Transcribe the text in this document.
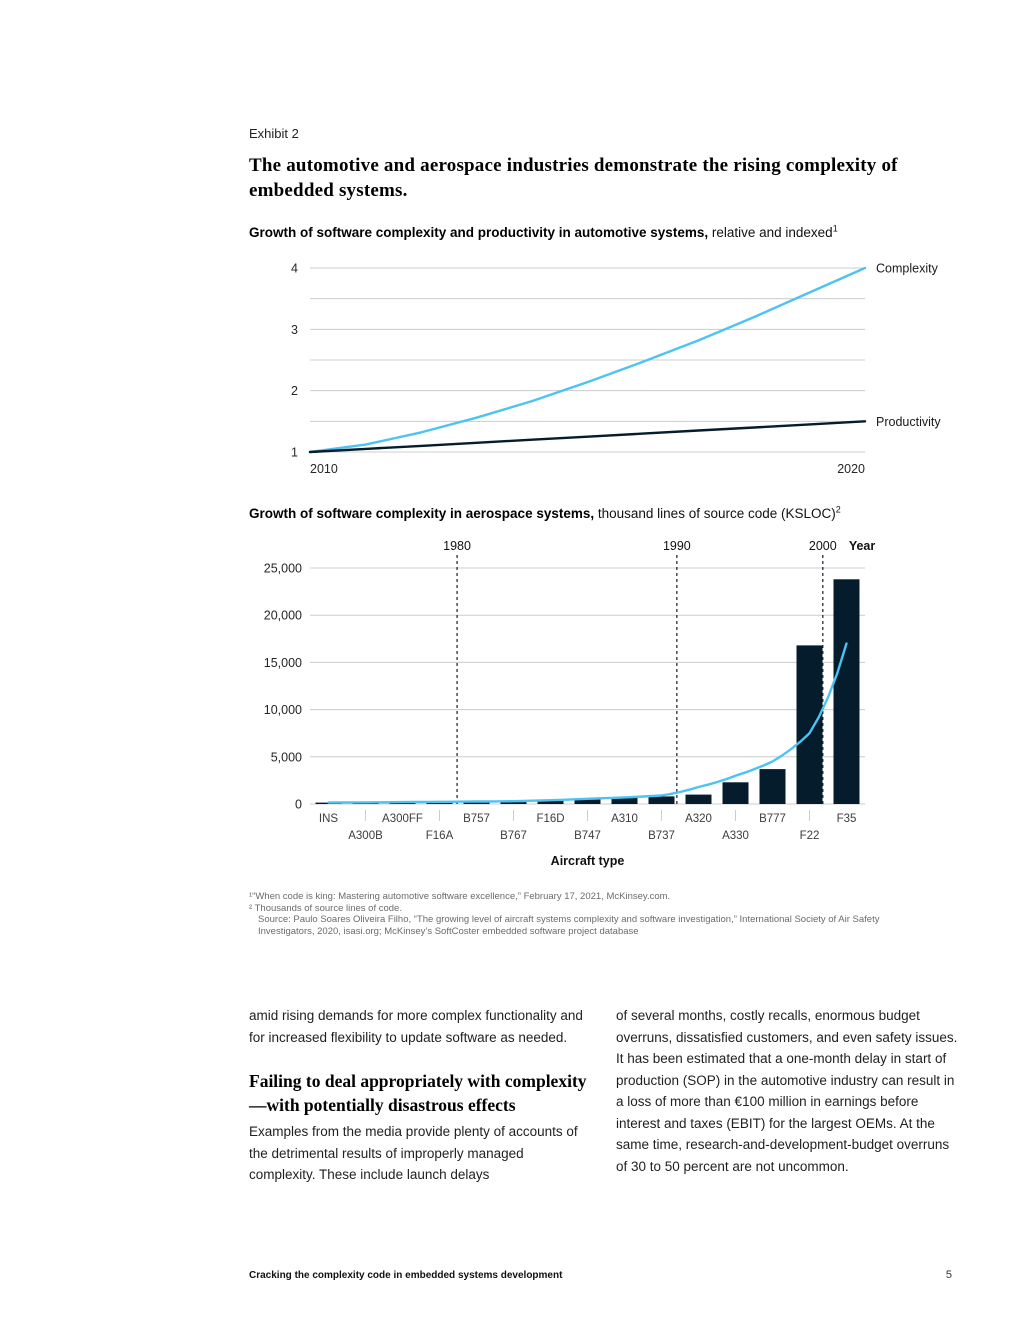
Exhibit 2
The automotive and aerospace industries demonstrate the rising complexity of embedded systems.

Growth of software complexity and productivity in automotive systems, relative and indexed$^1$

1
2
3
4
2010	2020
Complexity
Productivity

Growth of software complexity in aerospace systems, thousand lines of source code (KSLOC)$^2$

0
5,000
10,000
15,000
20,000
25,000
1980	1990	2000 Year
INS
A300B
A300FF
F16A
B757
B767
F16D
B747
A310
B737
A320
A330
B777
F22
F35
Aircraft type
¹“When code is king: Mastering automotive software excellence,” February 17, 2021, McKinsey.com.
² Thousands of source lines of code.
Source: Paulo Soares Oliveira Filho, “The growing level of aircraft systems complexity and software investigation,” International Society of Air Safety
Investigators, 2020, isasi.org; McKinsey’s SoftCoster embedded software project database

amid rising demands for more complex functionality and for increased flexibility to update software as needed.

Failing to deal appropriately with complexity—with potentially disastrous effects

Examples from the media provide plenty of accounts of the detrimental results of improperly managed complexity. These include launch delays

of several months, costly recalls, enormous budget overruns, dissatisfied customers, and even safety issues. It has been estimated that a one-month delay in start of production (SOP) in the automotive industry can result in a loss of more than €100 million in earnings before interest and taxes (EBIT) for the largest OEMs. At the same time, research-and-development-budget overruns of 30 to 50 percent are not uncommon.

Cracking the complexity code in embedded systems development	5
